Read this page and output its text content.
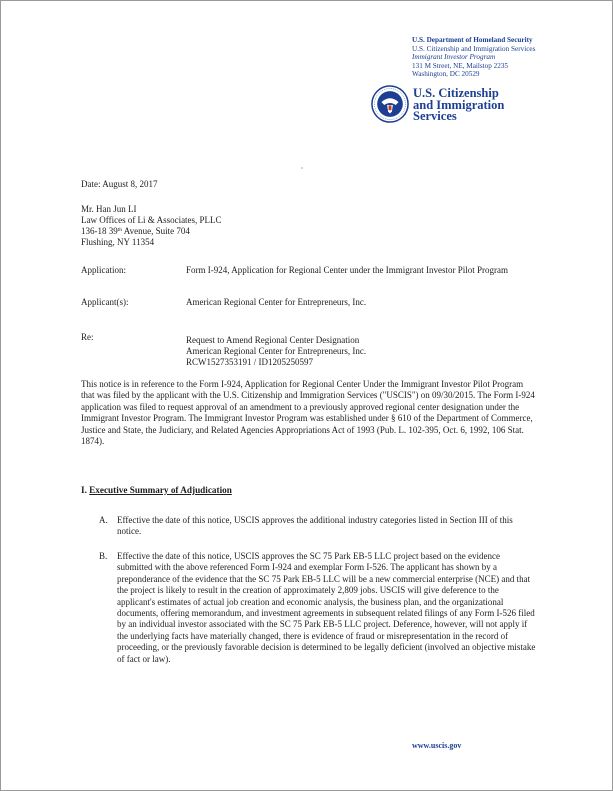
U.S. Department of Homeland Security
U.S. Citizenship and Immigration Services
Immigrant Investor Program
131 M Street, NE, Mailstop 2235
Washington, DC 20529
U.S. Citizenship
and Immigration
Services
Date: August 8, 2017
Mr. Han Jun LI
Law Offices of Li & Associates, PLLC
136-18 39th Avenue, Suite 704
Flushing, NY 11354
Application:	Form I-924, Application for Regional Center under the Immigrant Investor Pilot Program
Applicant(s):	American Regional Center for Entrepreneurs, Inc.
Re:	Request to Amend Regional Center Designation
American Regional Center for Entrepreneurs, Inc.
RCW1527353191 / ID1205250597
This notice is in reference to the Form I-924, Application for Regional Center Under the Immigrant Investor Pilot Program that was filed by the applicant with the U.S. Citizenship and Immigration Services ("USCIS") on 09/30/2015. The Form I-924 application was filed to request approval of an amendment to a previously approved regional center designation under the Immigrant Investor Program. The Immigrant Investor Program was established under § 610 of the Department of Commerce, Justice and State, the Judiciary, and Related Agencies Appropriations Act of 1993 (Pub. L. 102-395, Oct. 6, 1992, 106 Stat. 1874).
I. Executive Summary of Adjudication
A. Effective the date of this notice, USCIS approves the additional industry categories listed in Section III of this notice.
B. Effective the date of this notice, USCIS approves the SC 75 Park EB-5 LLC project based on the evidence submitted with the above referenced Form I-924 and exemplar Form I-526. The applicant has shown by a preponderance of the evidence that the SC 75 Park EB-5 LLC will be a new commercial enterprise (NCE) and that the project is likely to result in the creation of approximately 2,809 jobs. USCIS will give deference to the applicant's estimates of actual job creation and economic analysis, the business plan, and the organizational documents, offering memorandum, and investment agreements in subsequent related filings of any Form I-526 filed by an individual investor associated with the SC 75 Park EB-5 LLC project. Deference, however, will not apply if the underlying facts have materially changed, there is evidence of fraud or misrepresentation in the record of proceeding, or the previously favorable decision is determined to be legally deficient (involved an objective mistake of fact or law).
www.uscis.gov
